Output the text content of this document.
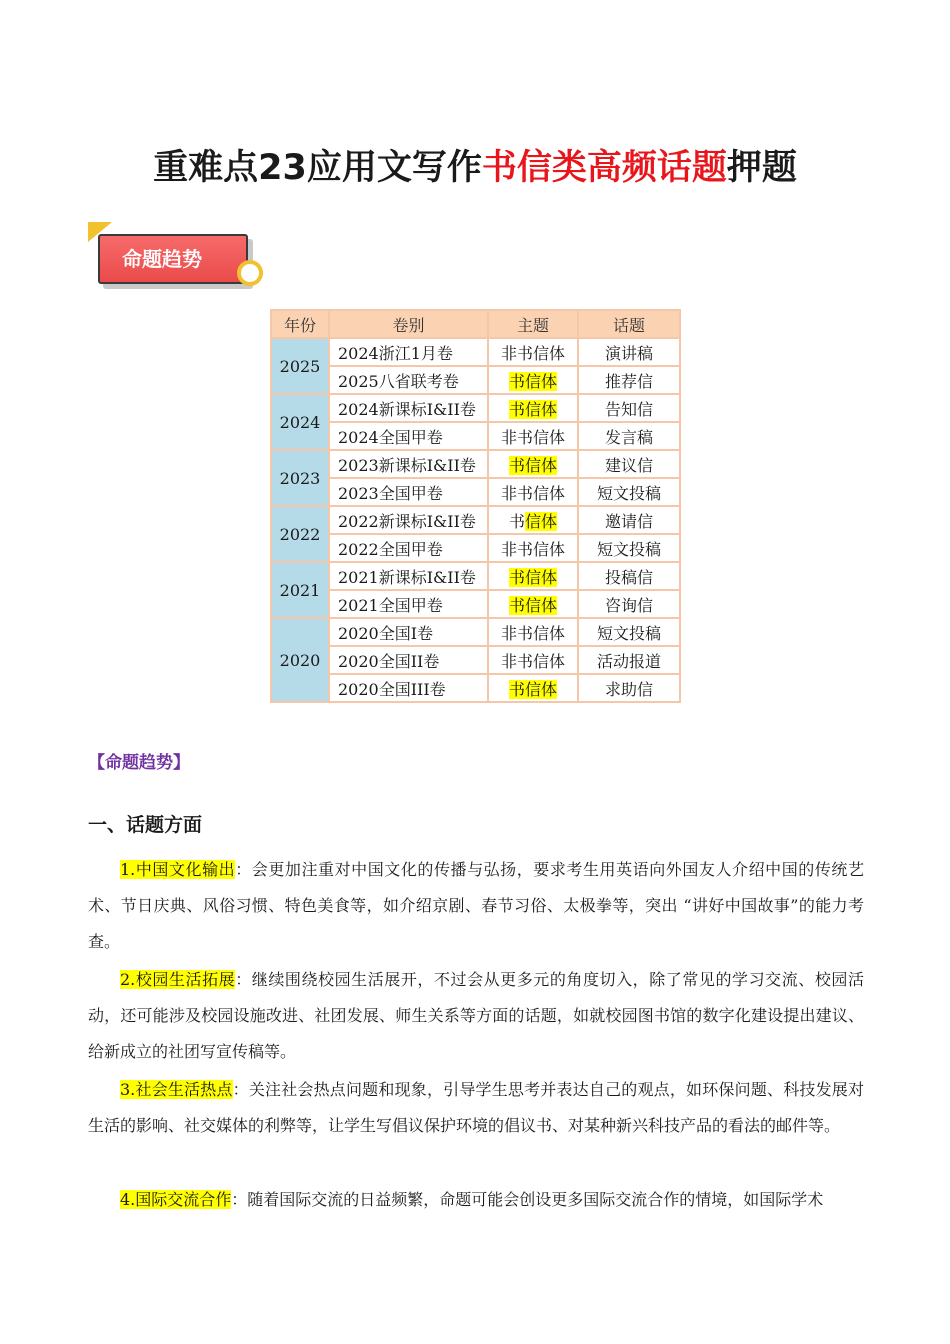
重难点23应用文写作书信类高频话题押题
命题趋势
年份	卷别	主题	话题
2025	2024浙江1月卷	非书信体	演讲稿
	2025八省联考卷	书信体	推荐信
2024	2024新课标I&II卷	书信体	告知信
	2024全国甲卷	非书信体	发言稿
2023	2023新课标I&II卷	书信体	建议信
	2023全国甲卷	非书信体	短文投稿
2022	2022新课标I&II卷	书信体	邀请信
	2022全国甲卷	非书信体	短文投稿
2021	2021新课标I&II卷	书信体	投稿信
	2021全国甲卷	书信体	咨询信
2020	2020全国I卷	非书信体	短文投稿
	2020全国II卷	非书信体	活动报道
	2020全国III卷	书信体	求助信
【命题趋势】
一、话题方面
1.中国文化输出：会更加注重对中国文化的传播与弘扬，要求考生用英语向外国友人介绍中国的传统艺术、节日庆典、风俗习惯、特色美食等，如介绍京剧、春节习俗、太极拳等，突出 “讲好中国故事”的能力考查。
2.校园生活拓展：继续围绕校园生活展开，不过会从更多元的角度切入，除了常见的学习交流、校园活动，还可能涉及校园设施改进、社团发展、师生关系等方面的话题，如就校园图书馆的数字化建设提出建议、给新成立的社团写宣传稿等。
3.社会生活热点：关注社会热点问题和现象，引导学生思考并表达自己的观点，如环保问题、科技发展对生活的影响、社交媒体的利弊等，让学生写倡议保护环境的倡议书、对某种新兴科技产品的看法的邮件等。
4.国际交流合作：随着国际交流的日益频繁，命题可能会创设更多国际交流合作的情境，如国际学术
